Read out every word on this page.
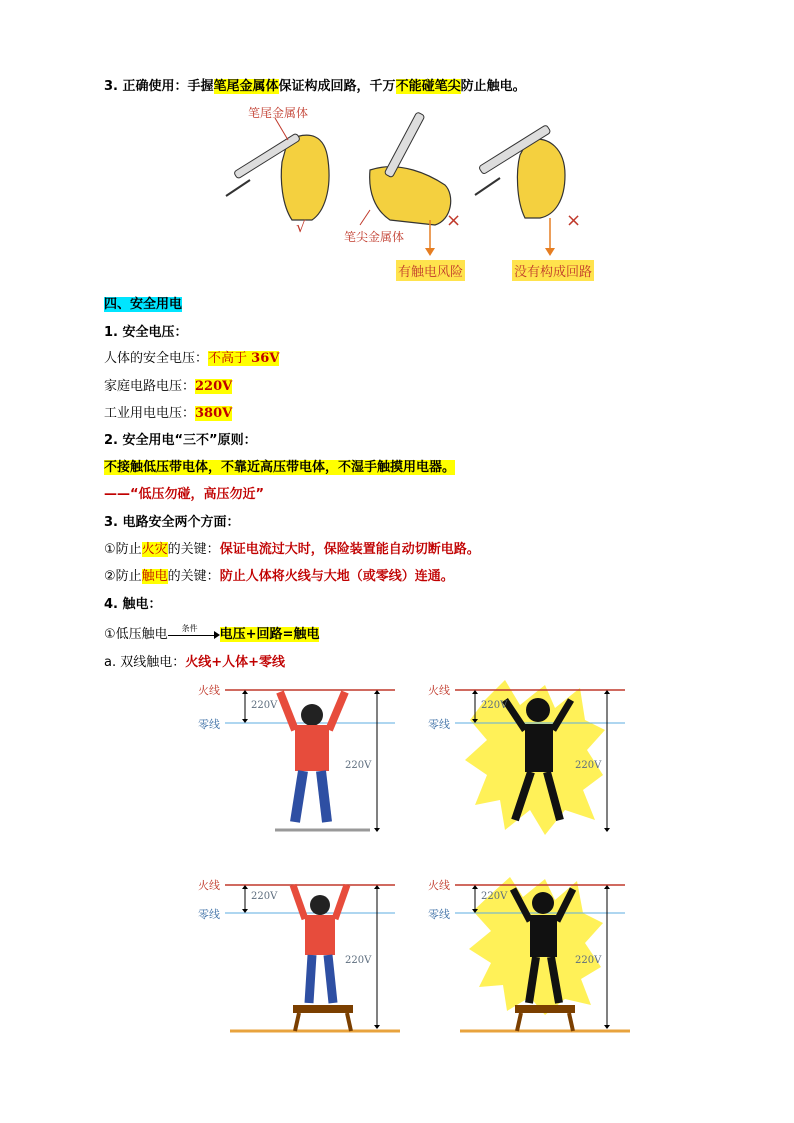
3. 正确使用：手握笔尾金属体保证构成回路，千万不能碰笔尖防止触电。
笔尾金属体
√
笔尖金属体
×	×
有触电风险	没有构成回路
四、安全用电
1. 安全电压：
人体的安全电压：不高于 36V
家庭电路电压：220V
工业用电电压：380V
2. 安全用电“三不”原则：
不接触低压带电体，不靠近高压带电体，不湿手触摸用电器。
——“低压勿碰，高压勿近”
3. 电路安全两个方面：
①防止火灾的关键：保证电流过大时，保险装置能自动切断电路。
②防止触电的关键：防止人体将火线与大地（或零线）连通。
4. 触电：
①低压触电 条件 电压+回路=触电
a. 双线触电：火线+人体+零线
火线
零线
220V
220V
火线
零线
220V
220V
火线
零线
220V
220V
火线
零线
220V
220V
